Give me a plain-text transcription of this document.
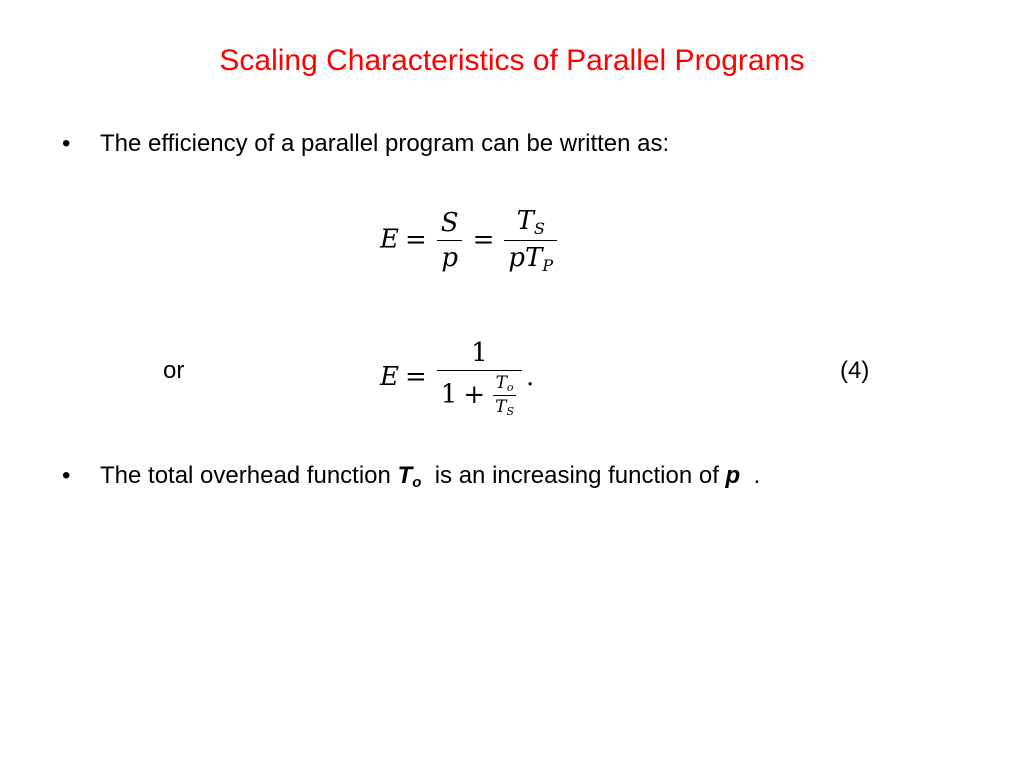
Scaling Characteristics of Parallel Programs
• The efficiency of a parallel program can be written as:
$E = \frac{S}{p} = \frac{T_S}{pT_P}$
or	$E = \frac{1}{1 + \frac{T_o}{T_S}}$ .	(4)
• The total overhead function $T_o$  is an increasing function of p  .
